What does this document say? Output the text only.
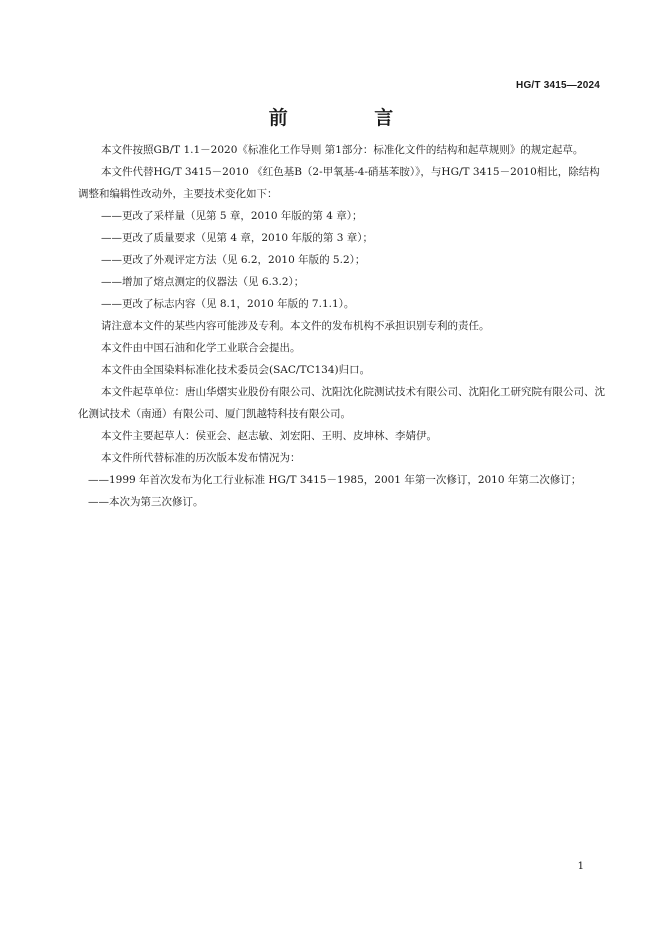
HG/T 3415—2024
前 言

本文件按照GB/T 1.1－2020《标准化工作导则 第1部分：标准化文件的结构和起草规则》的规定起草。

本文件代替HG/T 3415－2010 《红色基B（2-甲氧基-4-硝基苯胺）》，与HG/T 3415－2010相比，除结构调整和编辑性改动外，主要技术变化如下：

——更改了采样量（见第 5 章，2010 年版的第 4 章）；

——更改了质量要求（见第 4 章，2010 年版的第 3 章）；

——更改了外观评定方法（见 6.2，2010 年版的 5.2）；

——增加了熔点测定的仪器法（见 6.3.2）；

——更改了标志内容（见 8.1，2010 年版的 7.1.1）。

请注意本文件的某些内容可能涉及专利。本文件的发布机构不承担识别专利的责任。

本文件由中国石油和化学工业联合会提出。

本文件由全国染料标准化技术委员会(SAC/TC134)归口。

本文件起草单位：唐山华熠实业股份有限公司、沈阳沈化院测试技术有限公司、沈阳化工研究院有限公司、沈化测试技术（南通）有限公司、厦门凯越特科技有限公司。

本文件主要起草人：侯亚会、赵志敏、刘宏阳、王明、皮坤林、李婧伊。

本文件所代替标准的历次版本发布情况为：

——1999 年首次发布为化工行业标准 HG/T 3415－1985，2001 年第一次修订，2010 年第二次修订；

——本次为第三次修订。

1
